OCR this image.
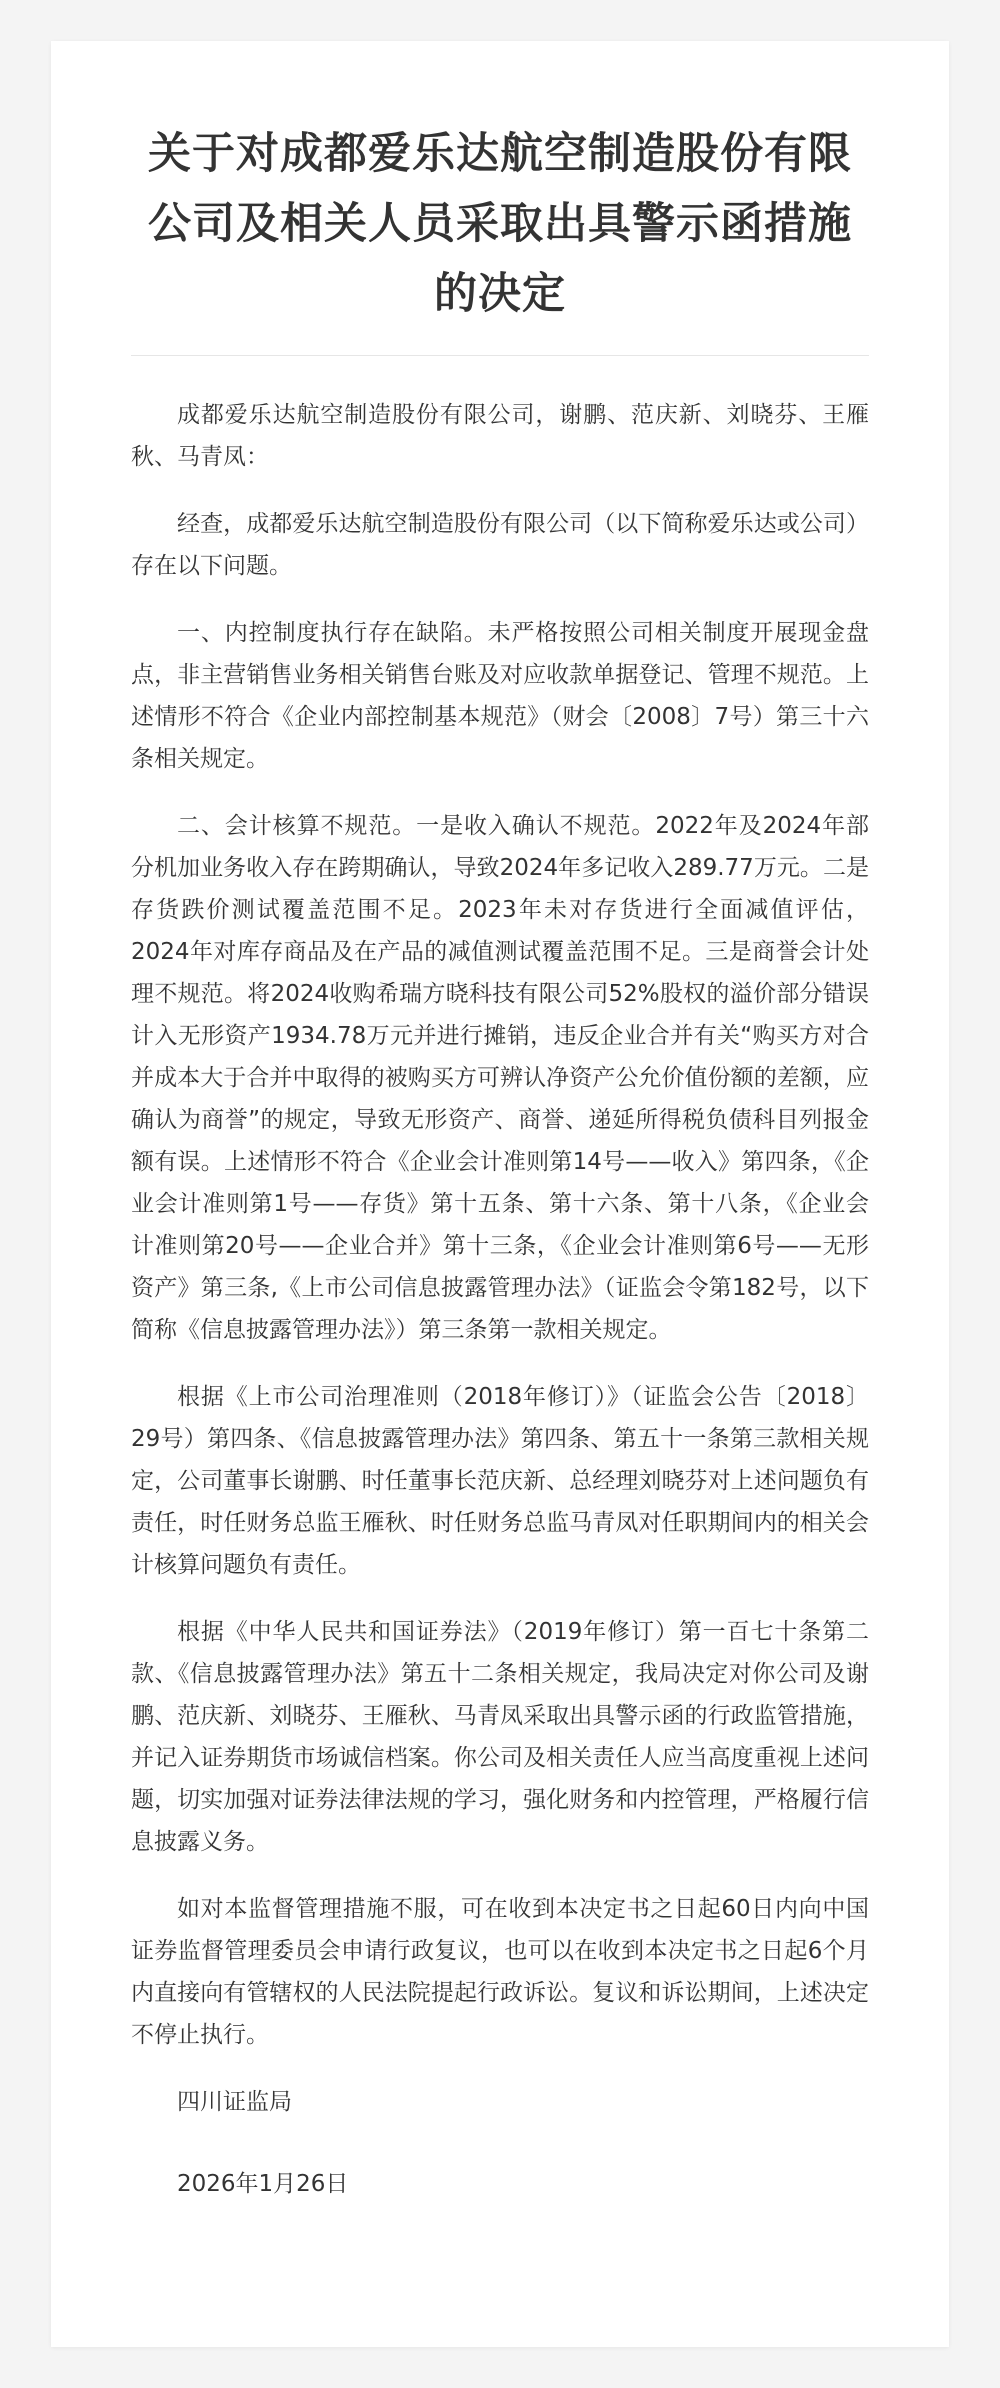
关于对成都爱乐达航空制造股份有限公司及相关人员采取出具警示函措施的决定

成都爱乐达航空制造股份有限公司，谢鹏、范庆新、刘晓芬、王雁秋、马青凤：

经查，成都爱乐达航空制造股份有限公司（以下简称爱乐达或公司）存在以下问题。

一、内控制度执行存在缺陷。未严格按照公司相关制度开展现金盘点，非主营销售业务相关销售台账及对应收款单据登记、管理不规范。上述情形不符合《企业内部控制基本规范》（财会〔2008〕7号）第三十六条相关规定。

二、会计核算不规范。一是收入确认不规范。2022年及2024年部分机加业务收入存在跨期确认，导致2024年多记收入289.77万元。二是存货跌价测试覆盖范围不足。2023年未对存货进行全面减值评估，2024年对库存商品及在产品的减值测试覆盖范围不足。三是商誉会计处理不规范。将2024收购希瑞方晓科技有限公司52%股权的溢价部分错误计入无形资产1934.78万元并进行摊销，违反企业合并有关“购买方对合并成本大于合并中取得的被购买方可辨认净资产公允价值份额的差额，应确认为商誉”的规定，导致无形资产、商誉、递延所得税负债科目列报金额有误。上述情形不符合《企业会计准则第14号——收入》第四条，《企业会计准则第1号——存货》第十五条、第十六条、第十八条，《企业会计准则第20号——企业合并》第十三条，《企业会计准则第6号——无形资产》第三条,《上市公司信息披露管理办法》（证监会令第182号，以下简称《信息披露管理办法》）第三条第一款相关规定。

根据《上市公司治理准则（2018年修订）》（证监会公告〔2018〕29号）第四条、《信息披露管理办法》第四条、第五十一条第三款相关规定，公司董事长谢鹏、时任董事长范庆新、总经理刘晓芬对上述问题负有责任，时任财务总监王雁秋、时任财务总监马青凤对任职期间内的相关会计核算问题负有责任。

根据《中华人民共和国证券法》（2019年修订）第一百七十条第二款、《信息披露管理办法》第五十二条相关规定，我局决定对你公司及谢鹏、范庆新、刘晓芬、王雁秋、马青凤采取出具警示函的行政监管措施，并记入证券期货市场诚信档案。你公司及相关责任人应当高度重视上述问题，切实加强对证券法律法规的学习，强化财务和内控管理，严格履行信息披露义务。

如对本监督管理措施不服，可在收到本决定书之日起60日内向中国证券监督管理委员会申请行政复议，也可以在收到本决定书之日起6个月内直接向有管辖权的人民法院提起行政诉讼。复议和诉讼期间，上述决定不停止执行。

四川证监局

2026年1月26日
